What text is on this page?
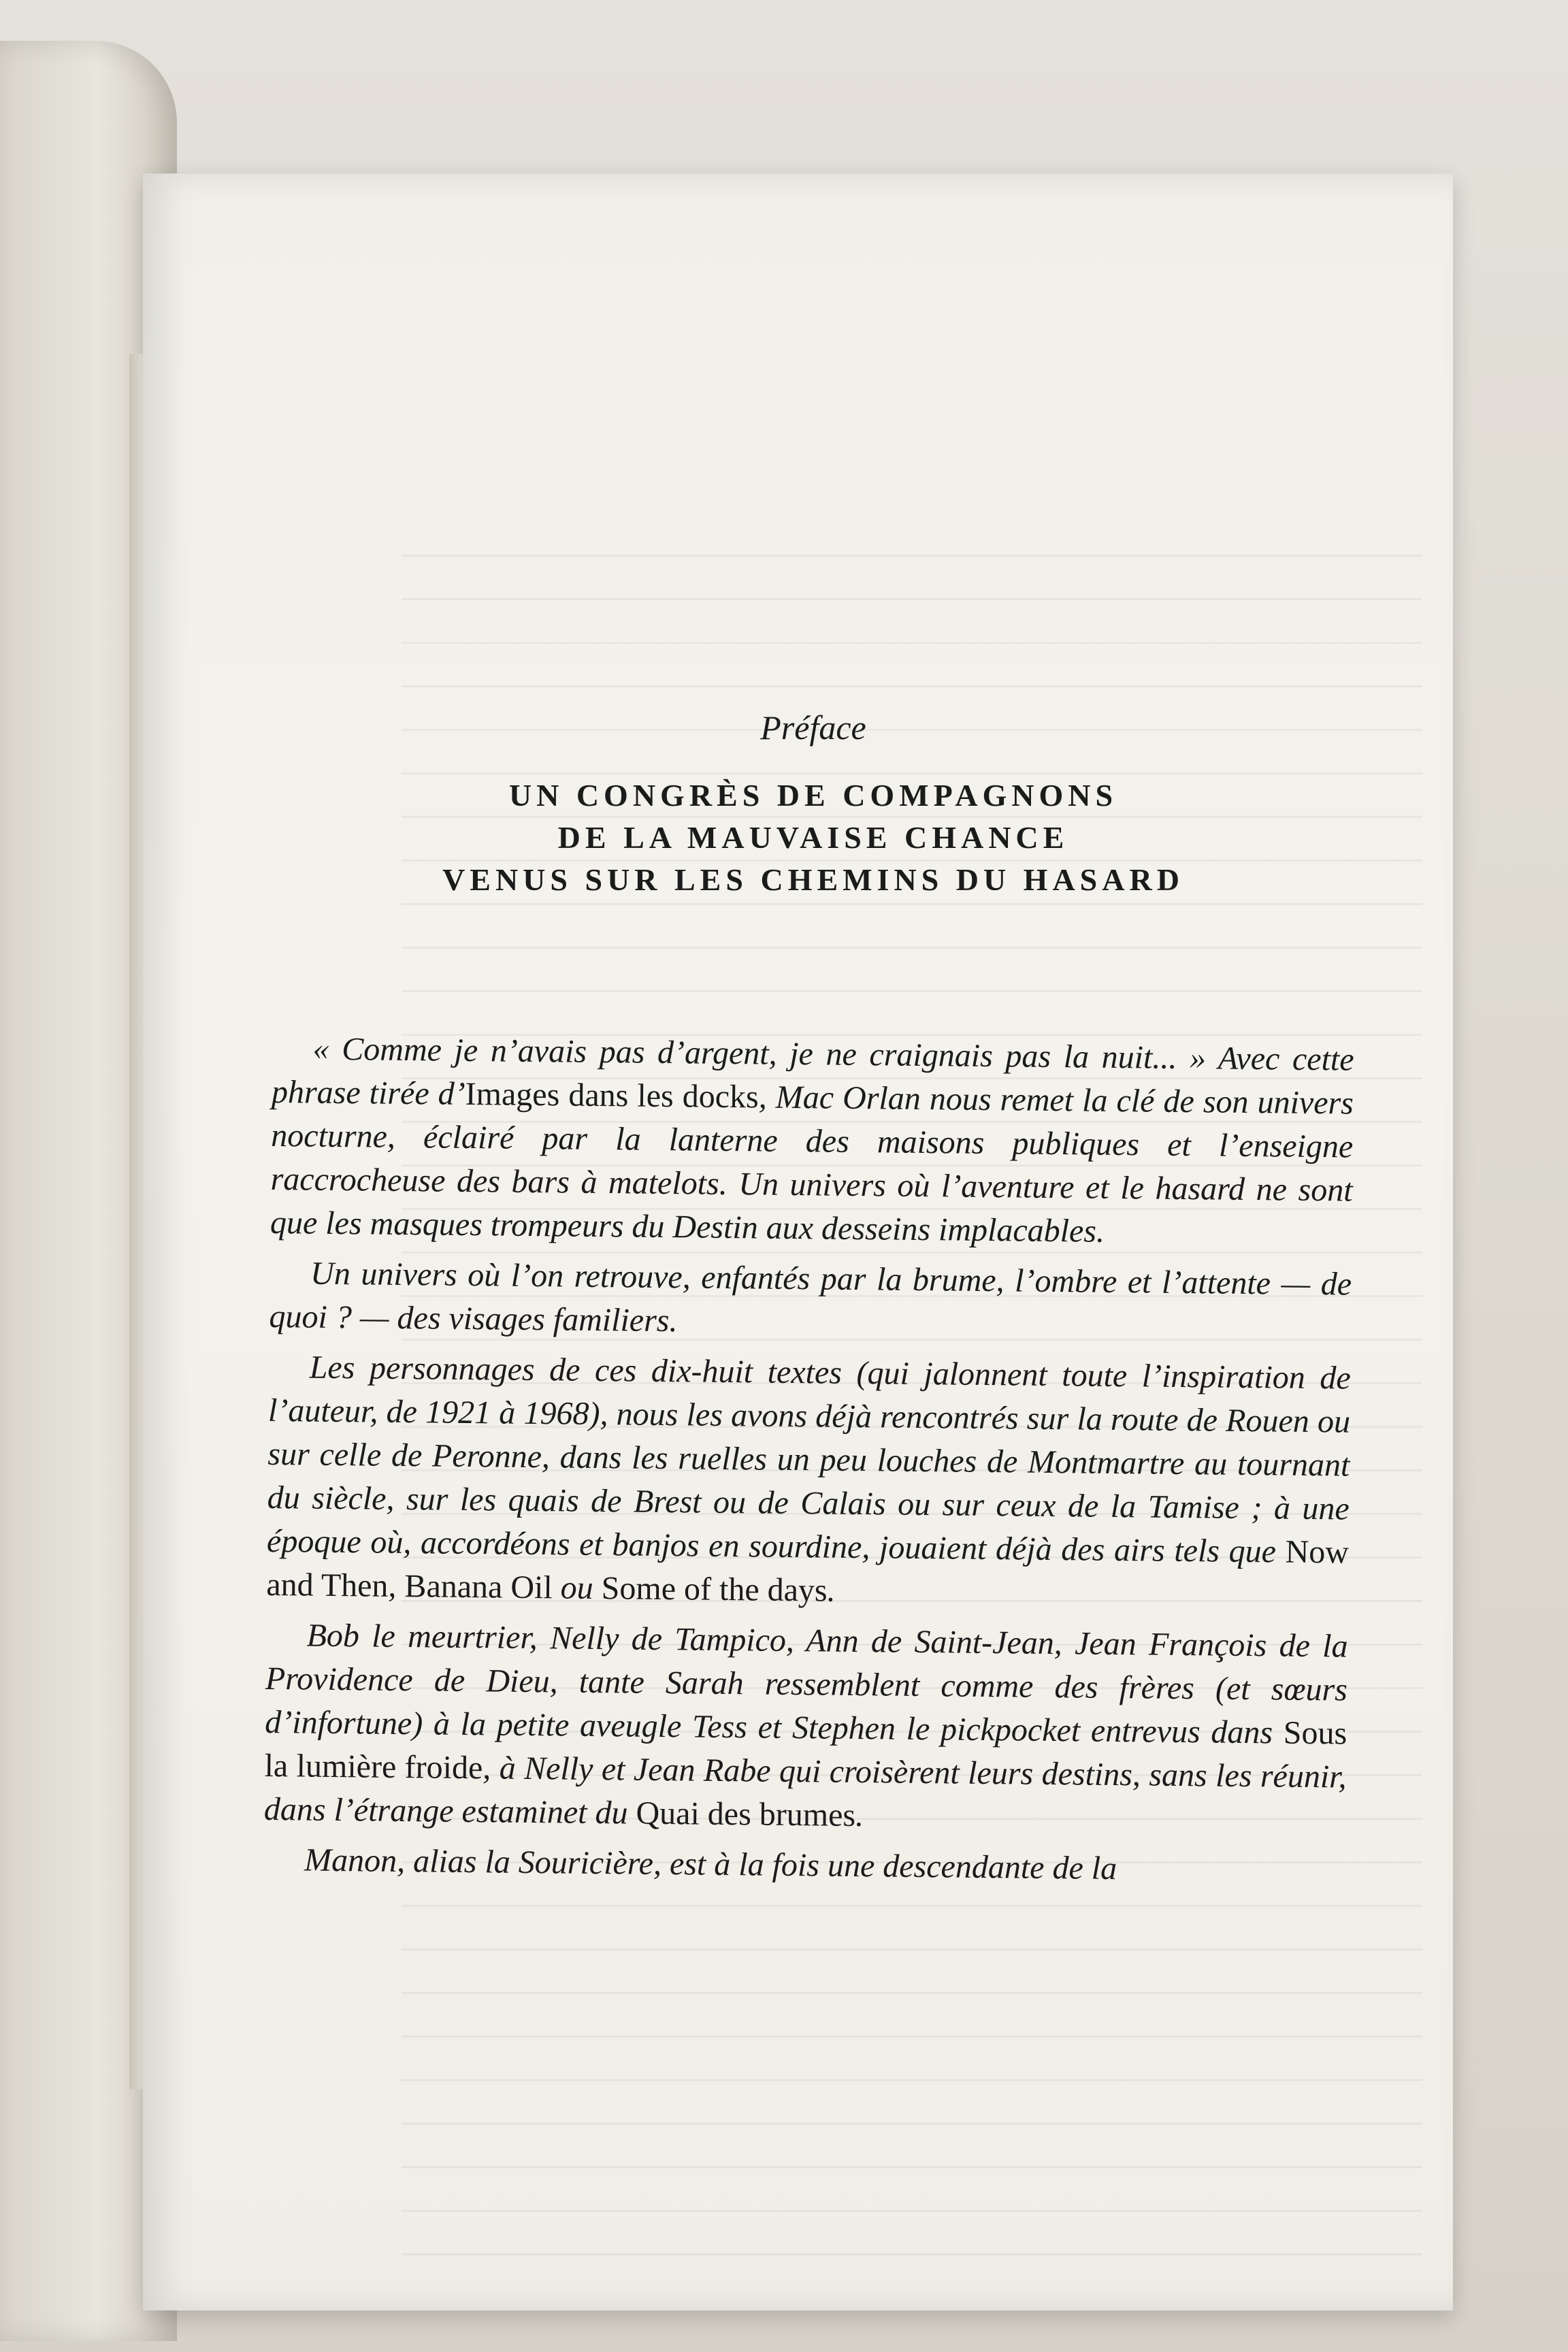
Préface
UN CONGRÈS DE COMPAGNONS
DE LA MAUVAISE CHANCE
VENUS SUR LES CHEMINS DU HASARD

« Comme je n’avais pas d’argent, je ne craignais pas la nuit... » Avec cette phrase tirée d’Images dans les docks, Mac Orlan nous remet la clé de son univers nocturne, éclairé par la lanterne des maisons publiques et l’enseigne raccrocheuse des bars à matelots. Un univers où l’aventure et le hasard ne sont que les masques trompeurs du Destin aux desseins implacables.

Un univers où l’on retrouve, enfantés par la brume, l’ombre et l’attente — de quoi ? — des visages familiers.

Les personnages de ces dix-huit textes (qui jalonnent toute l’inspiration de l’auteur, de 1921 à 1968), nous les avons déjà rencontrés sur la route de Rouen ou sur celle de Peronne, dans les ruelles un peu louches de Montmartre au tournant du siècle, sur les quais de Brest ou de Calais ou sur ceux de la Tamise ; à une époque où, accordéons et banjos en sourdine, jouaient déjà des airs tels que Now and Then, Banana Oil ou Some of the days.

Bob le meurtrier, Nelly de Tampico, Ann de Saint-Jean, Jean François de la Providence de Dieu, tante Sarah ressemblent comme des frères (et sœurs d’infortune) à la petite aveugle Tess et Stephen le pickpocket entrevus dans Sous la lumière froide, à Nelly et Jean Rabe qui croisèrent leurs destins, sans les réunir, dans l’étrange estaminet du Quai des brumes.

Manon, alias la Souricière, est à la fois une descendante de la
